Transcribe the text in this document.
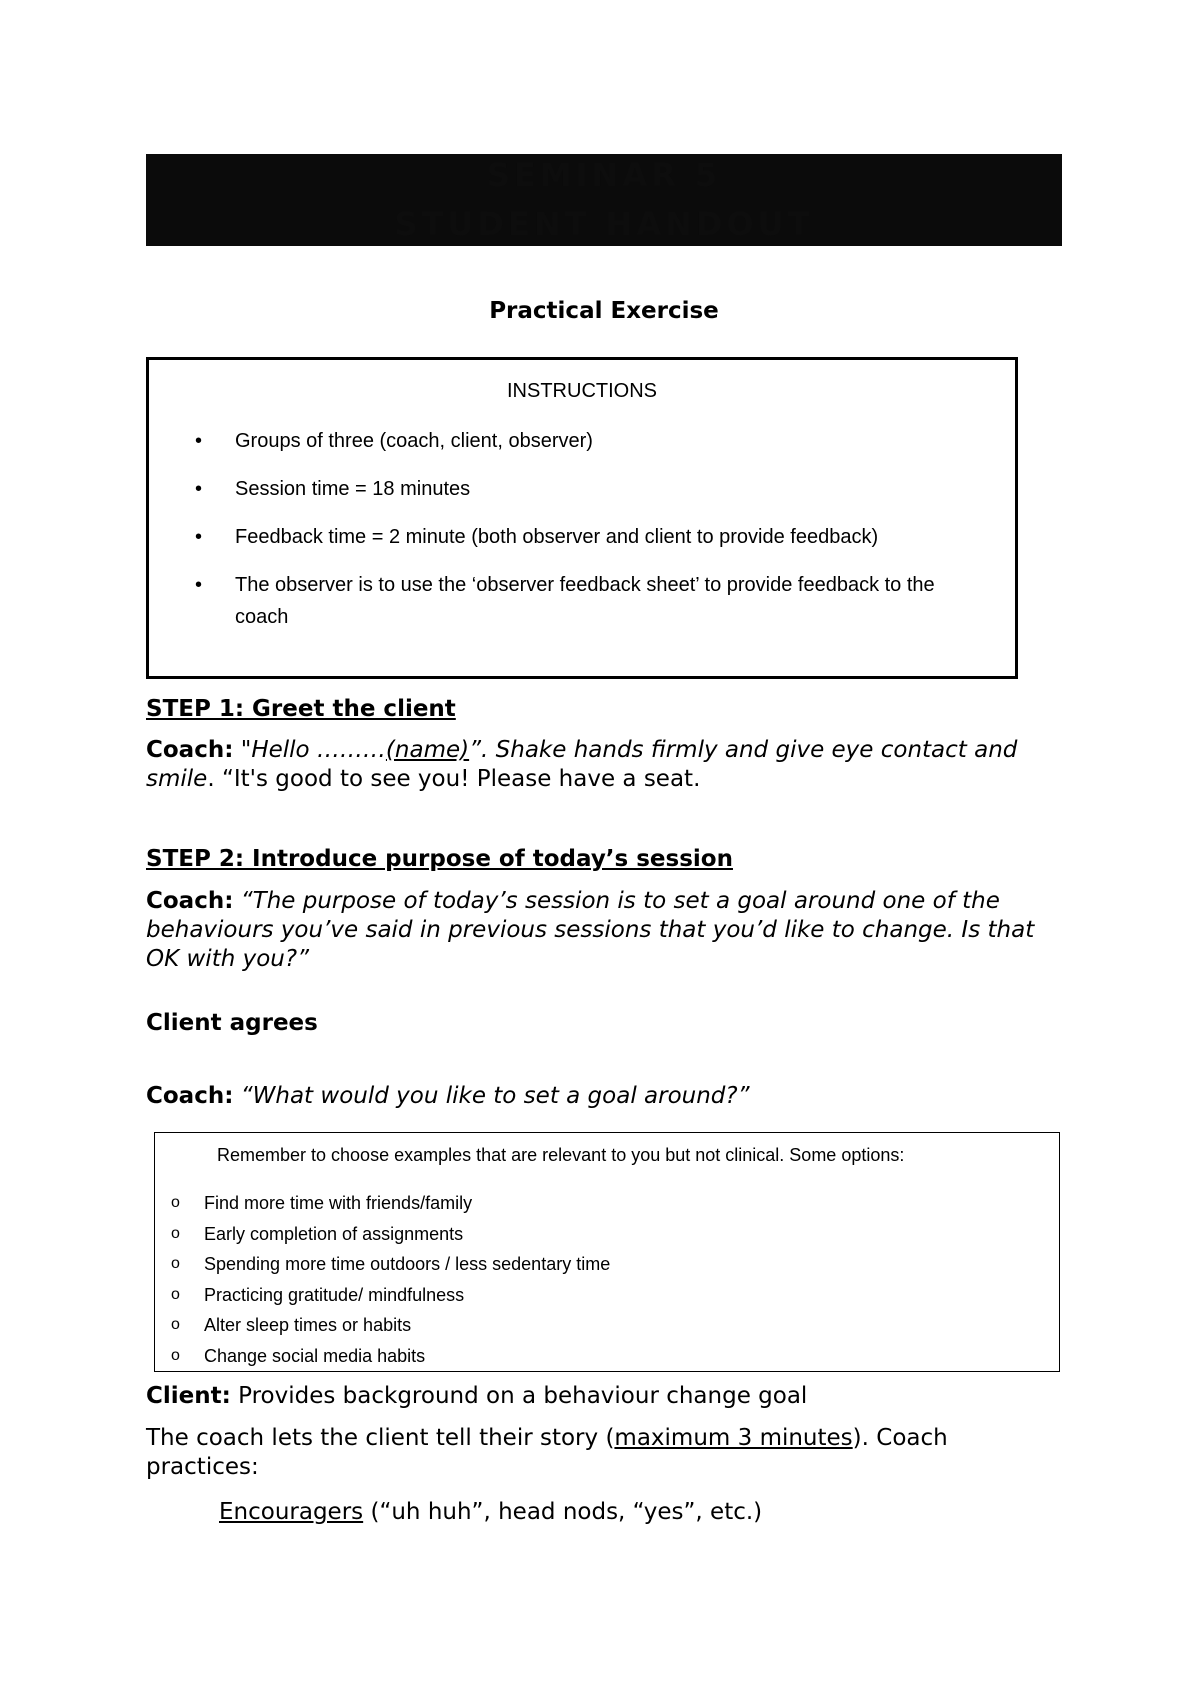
SEMINAR 5
STUDENT HANDOUT
Practical Exercise
INSTRUCTIONS
• Groups of three (coach, client, observer)
• Session time = 18 minutes
• Feedback time = 2 minute (both observer and client to provide feedback)
• The observer is to use the ‘observer feedback sheet’ to provide feedback to the coach
STEP 1: Greet the client
Coach: "Hello ………(name)”. Shake hands firmly and give eye contact and smile. “It's good to see you! Please have a seat.
STEP 2: Introduce purpose of today’s session
Coach: “The purpose of today’s session is to set a goal around one of the behaviours you’ve said in previous sessions that you’d like to change. Is that OK with you?”
Client agrees
Coach: “What would you like to set a goal around?”
Remember to choose examples that are relevant to you but not clinical. Some options:
o Find more time with friends/family
o Early completion of assignments
o Spending more time outdoors / less sedentary time
o Practicing gratitude/ mindfulness
o Alter sleep times or habits
o Change social media habits
Client: Provides background on a behaviour change goal
The coach lets the client tell their story (maximum 3 minutes). Coach practices:
Encouragers (“uh huh”, head nods, “yes”, etc.)
